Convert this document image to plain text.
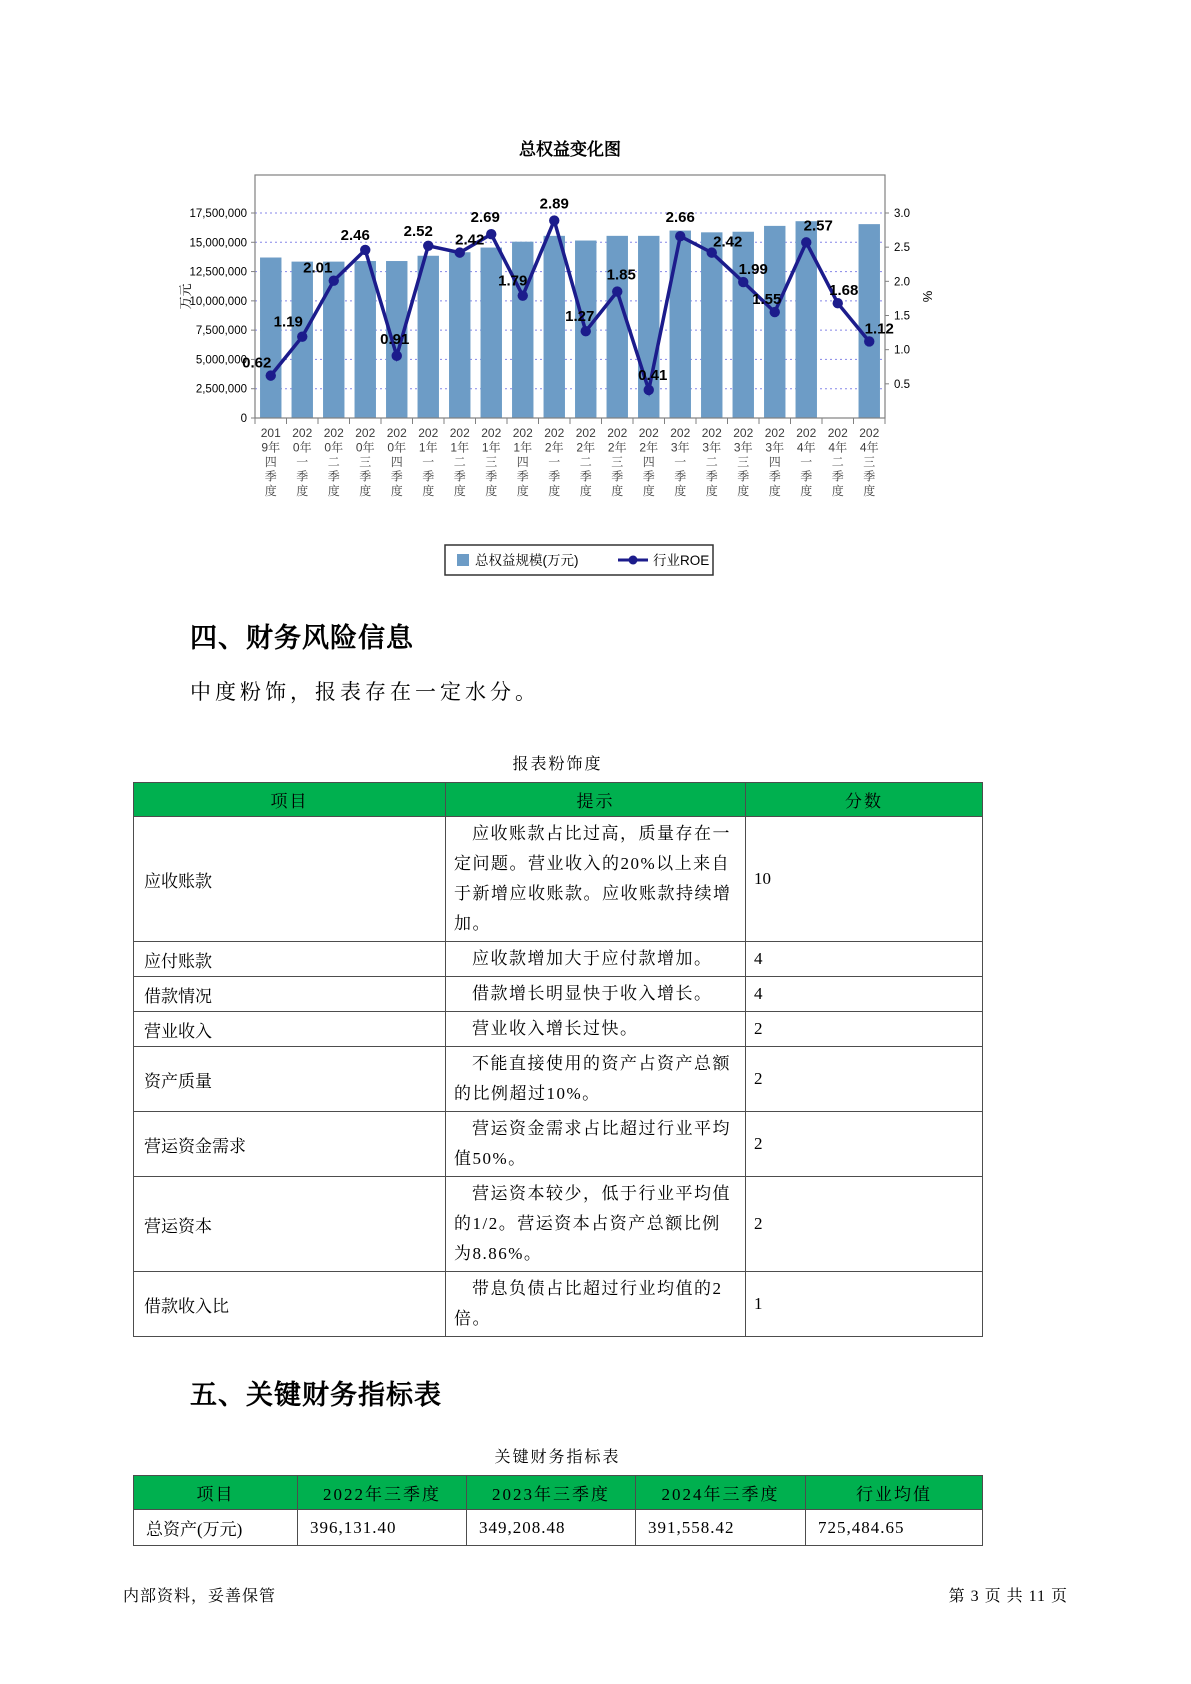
总权益变化图
0
2,500,000
5,000,000
7,500,000
10,000,000
12,500,000
15,000,000
17,500,000
万元
0.5
1.0
1.5
2.0
2.5
3.0
%
201 9年四季度
202 0年一季度
202 0年二季度
202 0年三季度
202 0年四季度
202 1年一季度
202 1年二季度
202 1年三季度
202 1年四季度
202 2年一季度
202 2年二季度
202 2年三季度
202 2年四季度
202 3年一季度
202 3年二季度
202 3年三季度
202 3年四季度
202 4年一季度
202 4年二季度
202 4年三季度
0.62
1.19
2.01
2.46
0.91
2.52
2.42
2.69
1.79
2.89
1.27
1.85
0.41
2.66
2.42
1.99
1.55
2.57
1.68
1.12
总权益规模(万元)	行业ROE
四、财务风险信息
中度粉饰，报表存在一定水分。
报表粉饰度
项目	提示	分数
应收账款	应收账款占比过高，质量存在一定问题。营业收入的20%以上来自于新增应收账款。应收账款持续增加。	10
应付账款	应收款增加大于应付款增加。	4
借款情况	借款增长明显快于收入增长。	4
营业收入	营业收入增长过快。	2
资产质量	不能直接使用的资产占资产总额的比例超过10%。	2
营运资金需求	营运资金需求占比超过行业平均值50%。	2
营运资本	营运资本较少，低于行业平均值的1/2。营运资本占资产总额比例为8.86%。	2
借款收入比	带息负债占比超过行业均值的2倍。	1
五、关键财务指标表
关键财务指标表
项目	2022年三季度	2023年三季度	2024年三季度	行业均值
总资产(万元)	396,131.40	349,208.48	391,558.42	725,484.65
内部资料，妥善保管	第 3 页 共 11 页
